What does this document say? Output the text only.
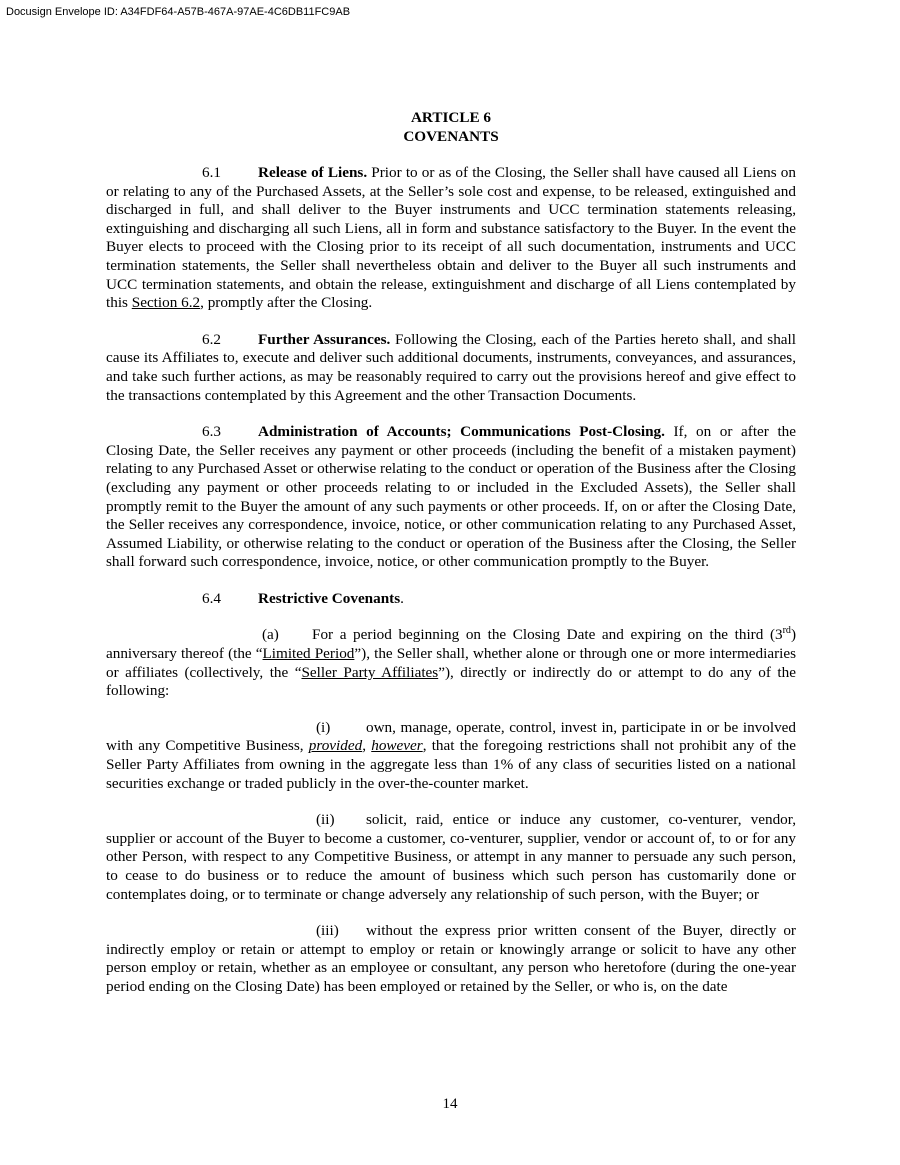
Docusign Envelope ID: A34FDF64-A57B-467A-97AE-4C6DB11FC9AB
ARTICLE 6
COVENANTS

6.1 Release of Liens. Prior to or as of the Closing, the Seller shall have caused all Liens on or relating to any of the Purchased Assets, at the Seller’s sole cost and expense, to be released, extinguished and discharged in full, and shall deliver to the Buyer instruments and UCC termination statements releasing, extinguishing and discharging all such Liens, all in form and substance satisfactory to the Buyer. In the event the Buyer elects to proceed with the Closing prior to its receipt of all such documentation, instruments and UCC termination statements, the Seller shall nevertheless obtain and deliver to the Buyer all such instruments and UCC termination statements, and obtain the release, extinguishment and discharge of all Liens contemplated by this Section 6.2, promptly after the Closing.

6.2 Further Assurances. Following the Closing, each of the Parties hereto shall, and shall cause its Affiliates to, execute and deliver such additional documents, instruments, conveyances, and assurances, and take such further actions, as may be reasonably required to carry out the provisions hereof and give effect to the transactions contemplated by this Agreement and the other Transaction Documents.

6.3 Administration of Accounts; Communications Post-Closing. If, on or after the Closing Date, the Seller receives any payment or other proceeds (including the benefit of a mistaken payment) relating to any Purchased Asset or otherwise relating to the conduct or operation of the Business after the Closing (excluding any payment or other proceeds relating to or included in the Excluded Assets), the Seller shall promptly remit to the Buyer the amount of any such payments or other proceeds. If, on or after the Closing Date, the Seller receives any correspondence, invoice, notice, or other communication relating to any Purchased Asset, Assumed Liability, or otherwise relating to the conduct or operation of the Business after the Closing, the Seller shall forward such correspondence, invoice, notice, or other communication promptly to the Buyer.

6.4 Restrictive Covenants.

(a) For a period beginning on the Closing Date and expiring on the third (3rd) anniversary thereof (the “Limited Period”), the Seller shall, whether alone or through one or more intermediaries or affiliates (collectively, the “Seller Party Affiliates”), directly or indirectly do or attempt to do any of the following:

(i) own, manage, operate, control, invest in, participate in or be involved with any Competitive Business, provided, however, that the foregoing restrictions shall not prohibit any of the Seller Party Affiliates from owning in the aggregate less than 1% of any class of securities listed on a national securities exchange or traded publicly in the over-the-counter market.

(ii) solicit, raid, entice or induce any customer, co-venturer, vendor, supplier or account of the Buyer to become a customer, co-venturer, supplier, vendor or account of, to or for any other Person, with respect to any Competitive Business, or attempt in any manner to persuade any such person, to cease to do business or to reduce the amount of business which such person has customarily done or contemplates doing, or to terminate or change adversely any relationship of such person, with the Buyer; or

(iii) without the express prior written consent of the Buyer, directly or indirectly employ or retain or attempt to employ or retain or knowingly arrange or solicit to have any other person employ or retain, whether as an employee or consultant, any person who heretofore (during the one-year period ending on the Closing Date) has been employed or retained by the Seller, or who is, on the date

14
